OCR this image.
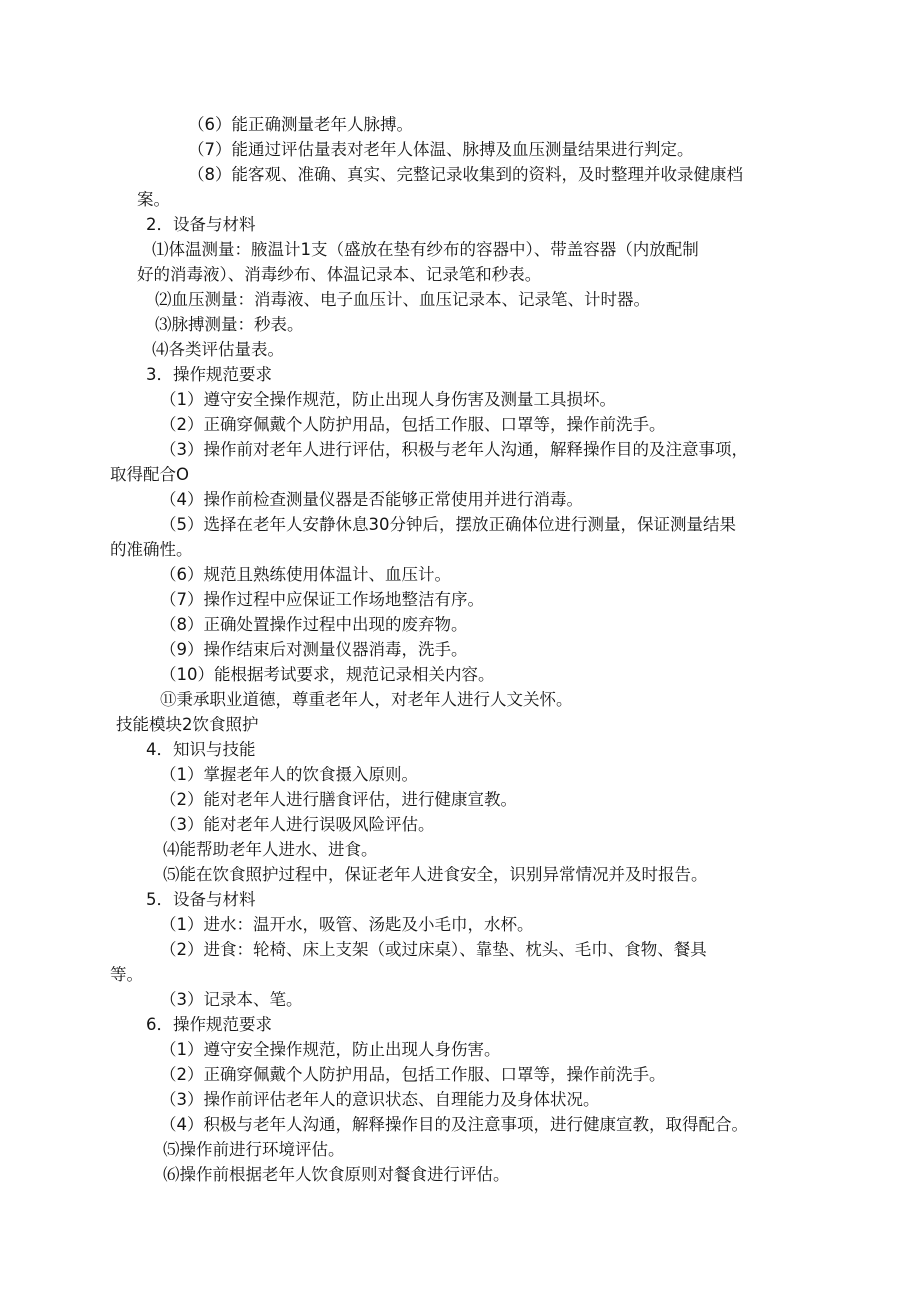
（6）能正确测量老年人脉搏。
（7）能通过评估量表对老年人体温、脉搏及血压测量结果进行判定。
（8）能客观、准确、真实、完整记录收集到的资料，及时整理并收录健康档
案。
2．设备与材料
⑴体温测量：腋温计1支（盛放在垫有纱布的容器中）、带盖容器（内放配制
好的消毒液）、消毒纱布、体温记录本、记录笔和秒表。
⑵血压测量：消毒液、电子血压计、血压记录本、记录笔、计时器。
⑶脉搏测量：秒表。
⑷各类评估量表。
3．操作规范要求
（1）遵守安全操作规范，防止出现人身伤害及测量工具损坏。
（2）正确穿佩戴个人防护用品，包括工作服、口罩等，操作前洗手。
（3）操作前对老年人进行评估，积极与老年人沟通，解释操作目的及注意事项，
取得配合O
（4）操作前检查测量仪器是否能够正常使用并进行消毒。
（5）选择在老年人安静休息30分钟后，摆放正确体位进行测量，保证测量结果
的准确性。
（6）规范且熟练使用体温计、血压计。
（7）操作过程中应保证工作场地整洁有序。
（8）正确处置操作过程中出现的废弃物。
（9）操作结束后对测量仪器消毒，洗手。
（10）能根据考试要求，规范记录相关内容。
⑪秉承职业道德，尊重老年人，对老年人进行人文关怀。
技能模块2饮食照护
4．知识与技能
（1）掌握老年人的饮食摄入原则。
（2）能对老年人进行膳食评估，进行健康宣教。
（3）能对老年人进行误吸风险评估。
⑷能帮助老年人进水、进食。
⑸能在饮食照护过程中，保证老年人进食安全，识别异常情况并及时报告。
（1）进水：温开水，吸管、汤匙及小毛巾，水杯。
5．设备与材料
（2）进食：轮椅、床上支架（或过床桌）、靠垫、枕头、毛巾、食物、餐具
等。
（3）记录本、笔。
6．操作规范要求
（1）遵守安全操作规范，防止出现人身伤害。
（2）正确穿佩戴个人防护用品，包括工作服、口罩等，操作前洗手。
（3）操作前评估老年人的意识状态、自理能力及身体状况。
（4）积极与老年人沟通，解释操作目的及注意事项，进行健康宣教，取得配合。
⑸操作前进行环境评估。
⑹操作前根据老年人饮食原则对餐食进行评估。
